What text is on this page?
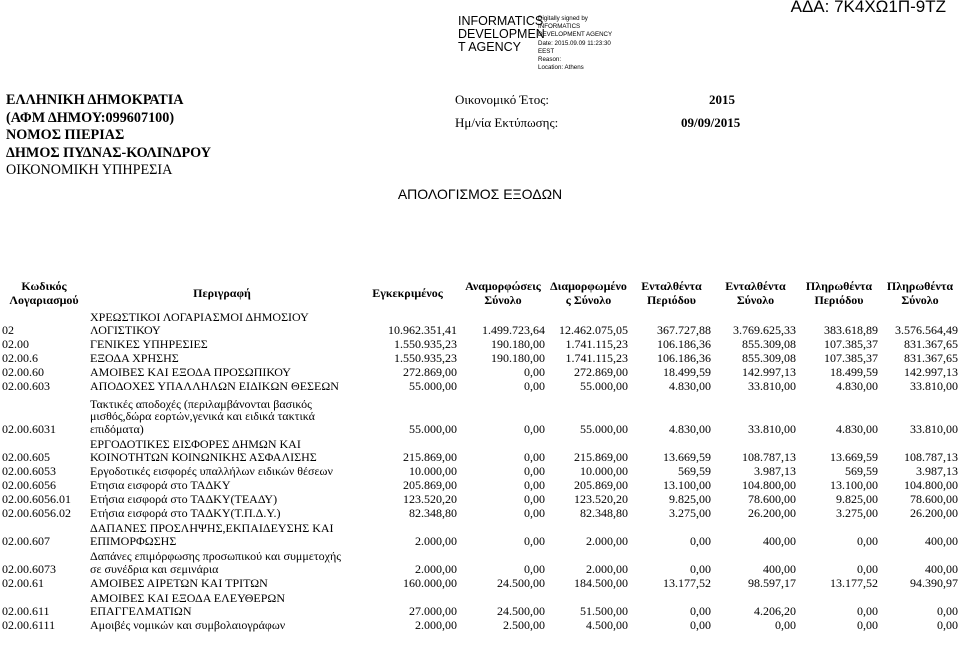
ΑΔΑ: 7Κ4ΧΩ1Π-9ΤΖ
INFORMATICS
DEVELOPMEN
T AGENCY
Digitally signed by
INFORMATICS
DEVELOPMENT AGENCY
Date: 2015.09.09 11:23:30
EEST
Reason:
Location: Athens
ΕΛΛΗΝΙΚΗ ΔΗΜΟΚΡΑΤΙΑ
(ΑΦΜ ΔΗΜΟΥ:099607100)
ΝΟΜΟΣ ΠΙΕΡΙΑΣ
ΔΗΜΟΣ ΠΥΔΝΑΣ-ΚΟΛΙΝΔΡΟΥ
ΟΙΚΟΝΟΜΙΚΗ ΥΠΗΡΕΣΙΑ
Οικονομικό Έτος:	2015
Ημ/νία Εκτύπωσης:	09/09/2015
ΑΠΟΛΟΓΙΣΜΟΣ ΕΞΟΔΩΝ
Κωδικός Λογαριασμού	Περιγραφή	Εγκεκριμένος	Αναμορφώσεις Σύνολο	Διαμορφωμένο ς Σύνολο	Ενταλθέντα Περιόδου	Ενταλθέντα Σύνολο	Πληρωθέντα Περιόδου	Πληρωθέντα Σύνολο
02	ΧΡΕΩΣΤΙΚΟΙ ΛΟΓΑΡΙΑΣΜΟΙ ΔΗΜΟΣΙΟΥ ΛΟΓΙΣΤΙΚΟΥ	10.962.351,41	1.499.723,64	12.462.075,05	367.727,88	3.769.625,33	383.618,89	3.576.564,49
02.00	ΓΕΝΙΚΕΣ ΥΠΗΡΕΣΙΕΣ	1.550.935,23	190.180,00	1.741.115,23	106.186,36	855.309,08	107.385,37	831.367,65
02.00.6	ΕΞΟΔΑ ΧΡΗΣΗΣ	1.550.935,23	190.180,00	1.741.115,23	106.186,36	855.309,08	107.385,37	831.367,65
02.00.60	ΑΜΟΙΒΕΣ ΚΑΙ ΕΞΟΔΑ ΠΡΟΣΩΠΙΚΟΥ	272.869,00	0,00	272.869,00	18.499,59	142.997,13	18.499,59	142.997,13
02.00.603	ΑΠΟΔΟΧΕΣ ΥΠΑΛΛΗΛΩΝ ΕΙΔΙΚΩΝ ΘΕΣΕΩΝ	55.000,00	0,00	55.000,00	4.830,00	33.810,00	4.830,00	33.810,00
02.00.6031	Τακτικές αποδοχές (περιλαμβάνονται βασικός μισθός,δώρα εορτών,γενικά και ειδικά τακτικά επιδόματα)	55.000,00	0,00	55.000,00	4.830,00	33.810,00	4.830,00	33.810,00
02.00.605	ΕΡΓΟΔΟΤΙΚΕΣ ΕΙΣΦΟΡΕΣ ΔΗΜΩΝ ΚΑΙ ΚΟΙΝΟΤΗΤΩΝ ΚΟΙΝΩΝΙΚΗΣ ΑΣΦΑΛΙΣΗΣ	215.869,00	0,00	215.869,00	13.669,59	108.787,13	13.669,59	108.787,13
02.00.6053	Εργοδοτικές εισφορές υπαλλήλων ειδικών θέσεων	10.000,00	0,00	10.000,00	569,59	3.987,13	569,59	3.987,13
02.00.6056	Ετησια εισφορά στο ΤΑΔΚΥ	205.869,00	0,00	205.869,00	13.100,00	104.800,00	13.100,00	104.800,00
02.00.6056.01	Ετήσια εισφορά στο ΤΑΔΚΥ(ΤΕΑΔΥ)	123.520,20	0,00	123.520,20	9.825,00	78.600,00	9.825,00	78.600,00
02.00.6056.02	Ετήσια εισφορά στο ΤΑΔΚΥ(Τ.Π.Δ.Υ.)	82.348,80	0,00	82.348,80	3.275,00	26.200,00	3.275,00	26.200,00
02.00.607	ΔΑΠΑΝΕΣ ΠΡΟΣΛΗΨΗΣ,ΕΚΠΑΙΔΕΥΣΗΣ ΚΑΙ ΕΠΙΜΟΡΦΩΣΗΣ	2.000,00	0,00	2.000,00	0,00	400,00	0,00	400,00
02.00.6073	Δαπάνες επιμόρφωσης προσωπικού και συμμετοχής σε συνέδρια και σεμινάρια	2.000,00	0,00	2.000,00	0,00	400,00	0,00	400,00
02.00.61	ΑΜΟΙΒΕΣ ΑΙΡΕΤΩΝ ΚΑΙ ΤΡΙΤΩΝ	160.000,00	24.500,00	184.500,00	13.177,52	98.597,17	13.177,52	94.390,97
02.00.611	ΑΜΟΙΒΕΣ ΚΑΙ ΕΞΟΔΑ ΕΛΕΥΘΕΡΩΝ ΕΠΑΓΓΕΛΜΑΤΙΩΝ	27.000,00	24.500,00	51.500,00	0,00	4.206,20	0,00	0,00
02.00.6111	Αμοιβές νομικών και συμβολαιογράφων	2.000,00	2.500,00	4.500,00	0,00	0,00	0,00	0,00
